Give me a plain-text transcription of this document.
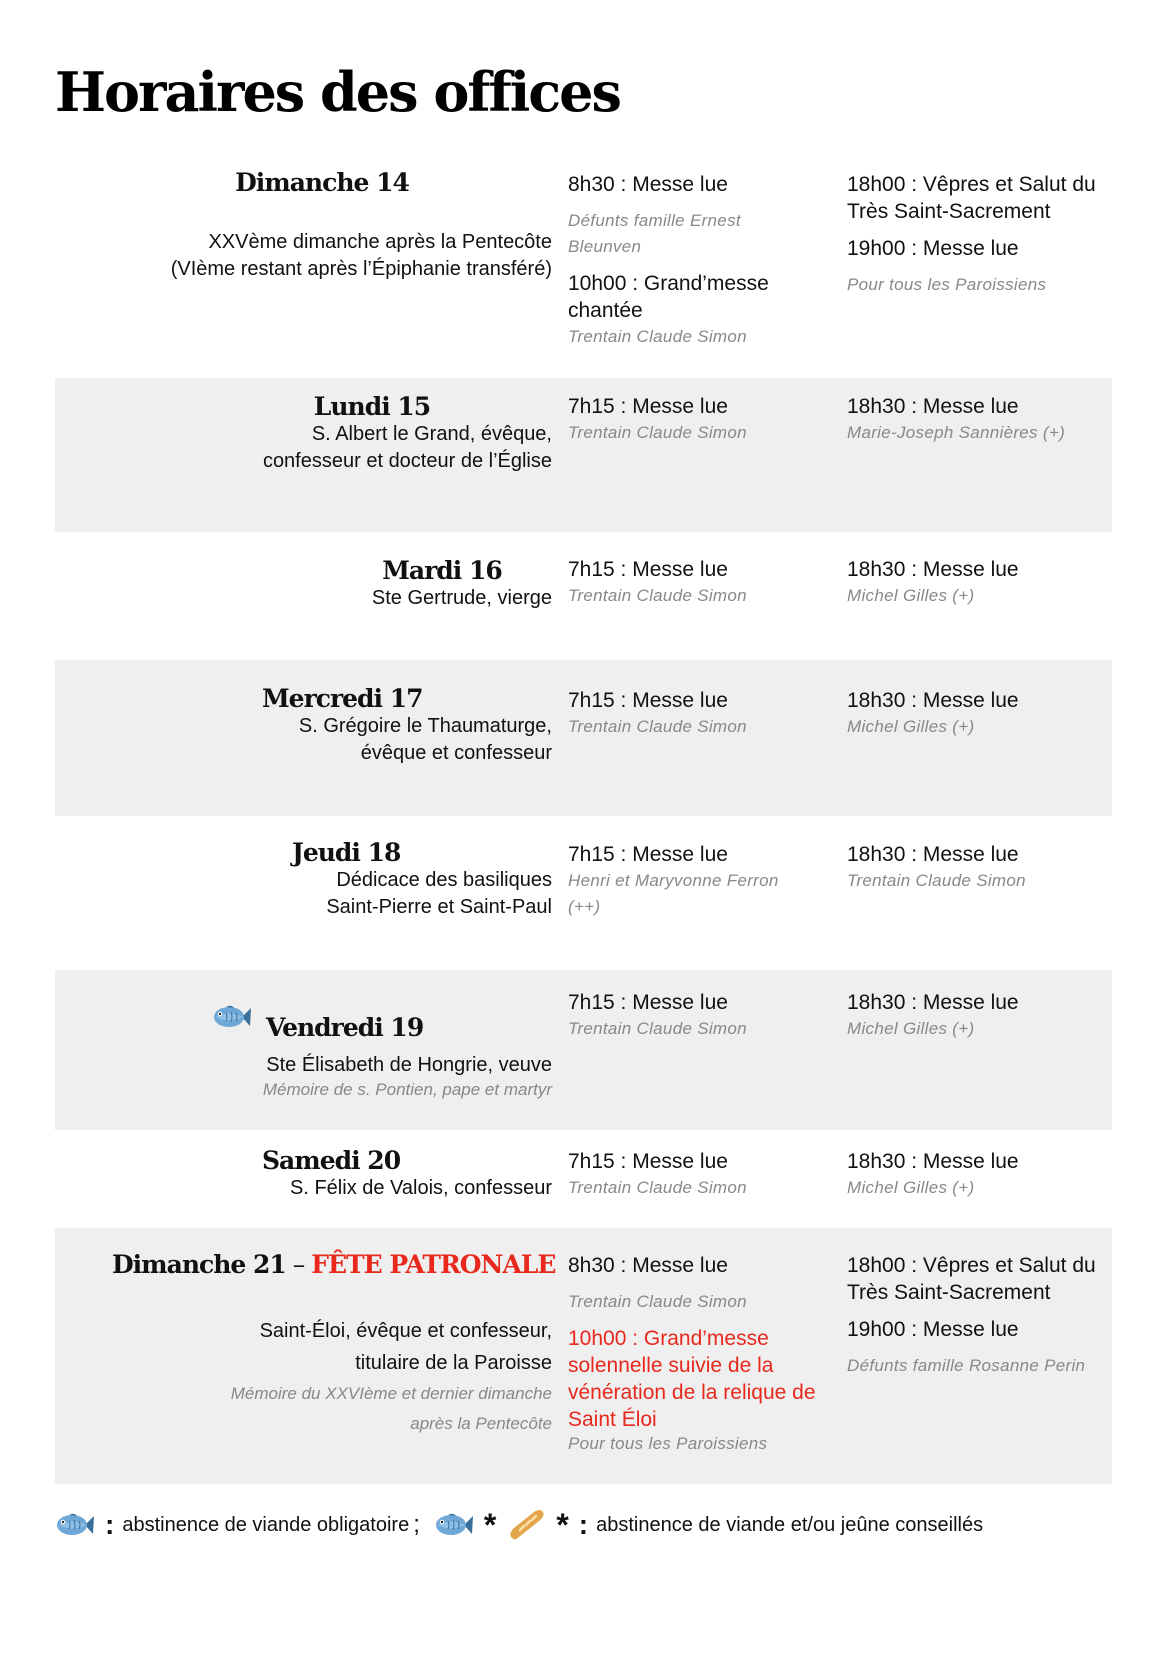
Horaires des offices
Dimanche 14
XXVème dimanche après la Pentecôte
(VIème restant après l’Épiphanie transféré)
8h30 : Messe lue
Défunts famille Ernest Bleunven
10h00 : Grand’messe chantée
Trentain Claude Simon
18h00 : Vêpres et Salut du Très Saint-Sacrement
19h00 : Messe lue
Pour tous les Paroissiens
Lundi 15
S. Albert le Grand, évêque,
confesseur et docteur de l’Église
7h15 : Messe lue
Trentain Claude Simon
18h30 : Messe lue
Marie-Joseph Sannières (+)
Mardi 16
Ste Gertrude, vierge
7h15 : Messe lue
Trentain Claude Simon
18h30 : Messe lue
Michel Gilles (+)
Mercredi 17
S. Grégoire le Thaumaturge,
évêque et confesseur
7h15 : Messe lue
Trentain Claude Simon
18h30 : Messe lue
Michel Gilles (+)
Jeudi 18
Dédicace des basiliques
Saint-Pierre et Saint-Paul
7h15 : Messe lue
Henri et Maryvonne Ferron (++)
18h30 : Messe lue
Trentain Claude Simon
Vendredi 19
Ste Élisabeth de Hongrie, veuve
Mémoire de s. Pontien, pape et martyr
7h15 : Messe lue
Trentain Claude Simon
18h30 : Messe lue
Michel Gilles (+)
Samedi 20
S. Félix de Valois, confesseur
7h15 : Messe lue
Trentain Claude Simon
18h30 : Messe lue
Michel Gilles (+)
Dimanche 21 – FÊTE PATRONALE
Saint-Éloi, évêque et confesseur,
titulaire de la Paroisse
Mémoire du XXVIème et dernier dimanche
après la Pentecôte
8h30 : Messe lue
Trentain Claude Simon
10h00 : Grand’messe solennelle suivie de la vénération de la relique de Saint Éloi
Pour tous les Paroissiens
18h00 : Vêpres et Salut du Très Saint-Sacrement
19h00 : Messe lue
Défunts famille Rosanne Perin
: abstinence de viande obligatoire ; * * : abstinence de viande et/ou jeûne conseillés
